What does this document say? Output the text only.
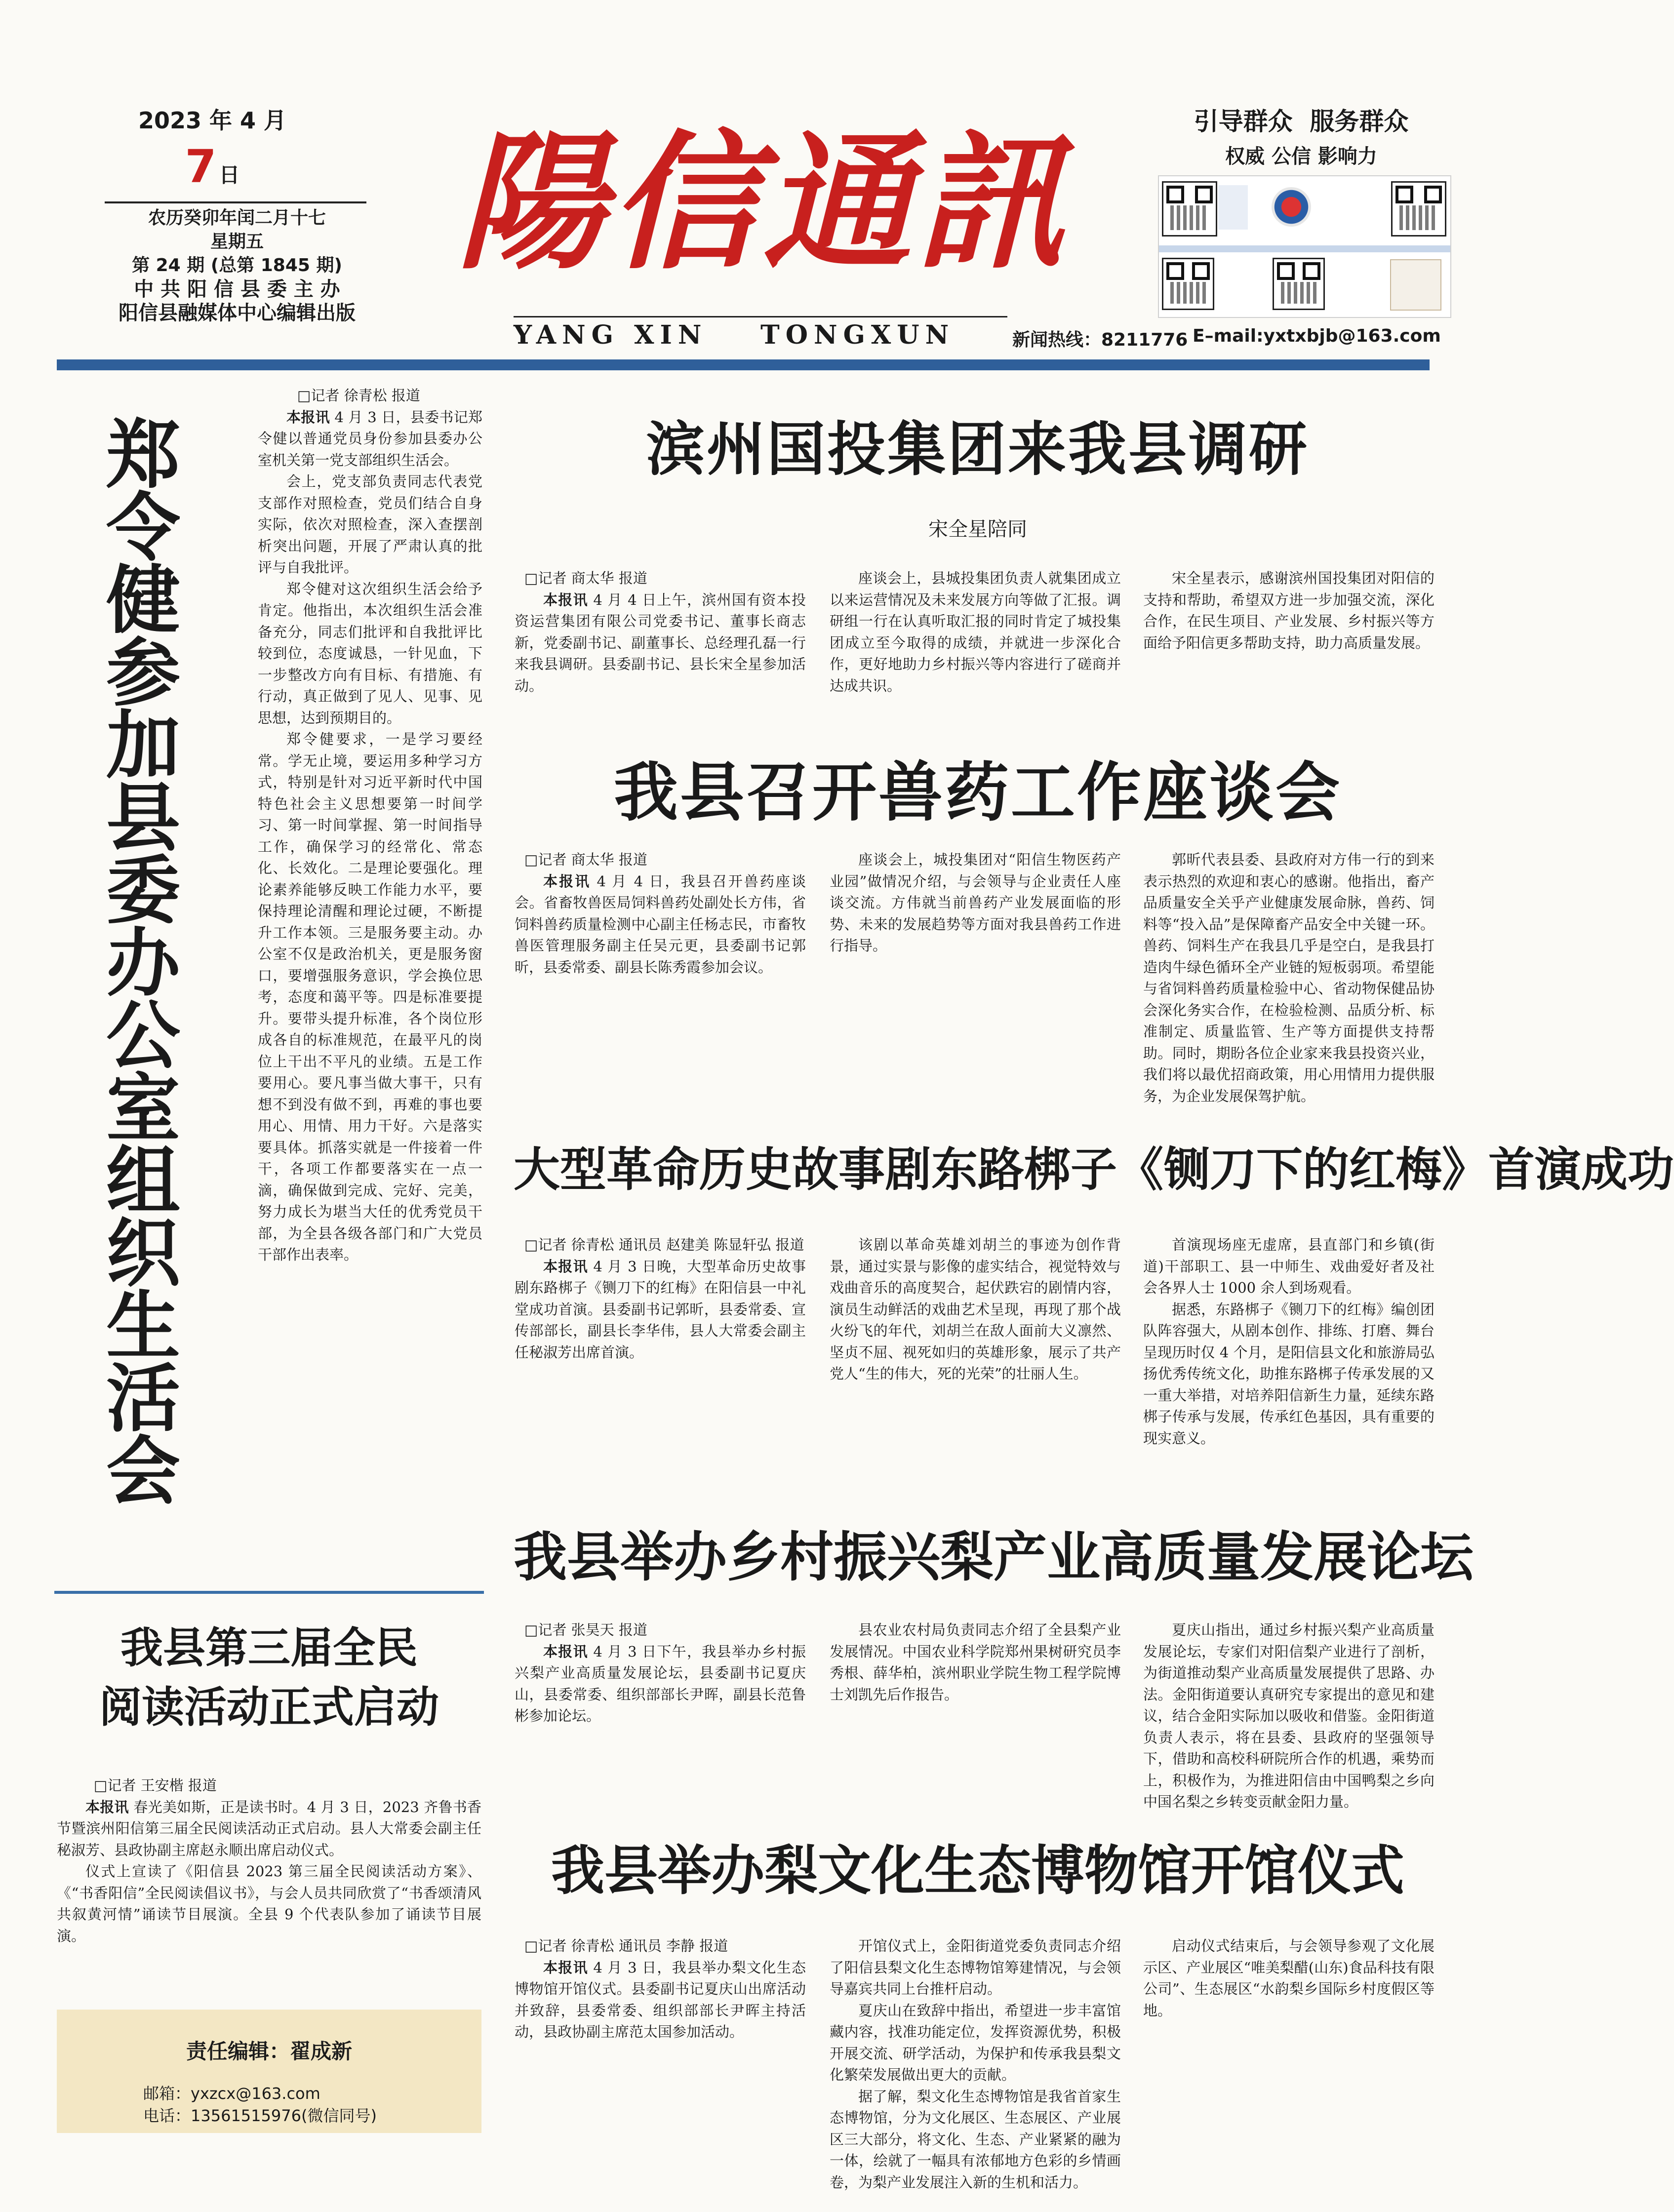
2023 年 4 月
7 日
农历癸卯年闰二月十七
星期五
第 24 期 (总第 1845 期)
中 共 阳 信 县 委 主 办
阳信县融媒体中心编辑出版
陽信通訊
YANG XIN TONGXUN
引导群众  服务群众
权威 公信 影响力
新闻热线：8211776 E–mail:yxtxbjb@163.com
郑令健参加县委办公室组织生活会
□记者 徐青松 报道

本报讯 4 月 3 日，县委书记郑令健以普通党员身份参加县委办公室机关第一党支部组织生活会。

会上，党支部负责同志代表党支部作对照检查，党员们结合自身实际，依次对照检查，深入查摆剖析突出问题，开展了严肃认真的批评与自我批评。

郑令健对这次组织生活会给予肯定。他指出，本次组织生活会准备充分，同志们批评和自我批评比较到位，态度诚恳，一针见血，下一步整改方向有目标、有措施、有行动，真正做到了见人、见事、见思想，达到预期目的。

郑令健要求，一是学习要经常。学无止境，要运用多种学习方式，特别是针对习近平新时代中国特色社会主义思想要第一时间学习、第一时间掌握、第一时间指导工作，确保学习的经常化、常态化、长效化。二是理论要强化。理论素养能够反映工作能力水平，要保持理论清醒和理论过硬，不断提升工作本领。三是服务要主动。办公室不仅是政治机关，更是服务窗口，要增强服务意识，学会换位思考，态度和蔼平等。四是标准要提升。要带头提升标准，各个岗位形成各自的标准规范，在最平凡的岗位上干出不平凡的业绩。五是工作要用心。要凡事当做大事干，只有想不到没有做不到，再难的事也要用心、用情、用力干好。六是落实要具体。抓落实就是一件接着一件干，各项工作都要落实在一点一滴，确保做到完成、完好、完美，努力成长为堪当大任的优秀党员干部，为全县各级各部门和广大党员干部作出表率。

我县第三届全民
阅读活动正式启动
□记者 王安楷 报道

本报讯 春光美如斯，正是读书时。4 月 3 日，2023 齐鲁书香节暨滨州阳信第三届全民阅读活动正式启动。县人大常委会副主任秘淑芳、县政协副主席赵永顺出席启动仪式。

仪式上宣读了《阳信县 2023 第三届全民阅读活动方案》、《“书香阳信”全民阅读倡议书》，与会人员共同欣赏了“书香颂清风 共叙黄河情”诵读节目展演。全县 9 个代表队参加了诵读节目展演。

责任编辑：翟成新
邮箱：yxzcx@163.com
电话：13561515976(微信同号)
滨州国投集团来我县调研
宋全星陪同
□记者 商太华 报道

本报讯 4 月 4 日上午，滨州国有资本投资运营集团有限公司党委书记、董事长商志新，党委副书记、副董事长、总经理孔磊一行来我县调研。县委副书记、县长宋全星参加活动。

座谈会上，县城投集团负责人就集团成立以来运营情况及未来发展方向等做了汇报。调研组一行在认真听取汇报的同时肯定了城投集团成立至今取得的成绩，并就进一步深化合作，更好地助力乡村振兴等内容进行了磋商并达成共识。

宋全星表示，感谢滨州国投集团对阳信的支持和帮助，希望双方进一步加强交流，深化合作，在民生项目、产业发展、乡村振兴等方面给予阳信更多帮助支持，助力高质量发展。

我县召开兽药工作座谈会
□记者 商太华 报道

本报讯 4 月 4 日，我县召开兽药座谈会。省畜牧兽医局饲料兽药处副处长方伟，省饲料兽药质量检测中心副主任杨志民，市畜牧兽医管理服务副主任吴元更，县委副书记郭昕，县委常委、副县长陈秀霞参加会议。

座谈会上，城投集团对“阳信生物医药产业园”做情况介绍，与会领导与企业责任人座谈交流。方伟就当前兽药产业发展面临的形势、未来的发展趋势等方面对我县兽药工作进行指导。

郭昕代表县委、县政府对方伟一行的到来表示热烈的欢迎和衷心的感谢。他指出，畜产品质量安全关乎产业健康发展命脉，兽药、饲料等“投入品”是保障畜产品安全中关键一环。兽药、饲料生产在我县几乎是空白，是我县打造肉牛绿色循环全产业链的短板弱项。希望能与省饲料兽药质量检验中心、省动物保健品协会深化务实合作，在检验检测、品质分析、标准制定、质量监管、生产等方面提供支持帮助。同时，期盼各位企业家来我县投资兴业，我们将以最优招商政策，用心用情用力提供服务，为企业发展保驾护航。

大型革命历史故事剧东路梆子《铡刀下的红梅》首演成功
□记者 徐青松 通讯员 赵建美 陈显轩弘 报道

本报讯 4 月 3 日晚，大型革命历史故事剧东路梆子《铡刀下的红梅》在阳信县一中礼堂成功首演。县委副书记郭昕，县委常委、宣传部部长，副县长李华伟，县人大常委会副主任秘淑芳出席首演。

该剧以革命英雄刘胡兰的事迹为创作背景，通过实景与影像的虚实结合，视觉特效与戏曲音乐的高度契合，起伏跌宕的剧情内容，演员生动鲜活的戏曲艺术呈现，再现了那个战火纷飞的年代，刘胡兰在敌人面前大义凛然、坚贞不屈、视死如归的英雄形象，展示了共产党人“生的伟大，死的光荣”的壮丽人生。

首演现场座无虚席，县直部门和乡镇(街道)干部职工、县一中师生、戏曲爱好者及社会各界人士 1000 余人到场观看。

据悉，东路梆子《铡刀下的红梅》编创团队阵容强大，从剧本创作、排练、打磨、舞台呈现历时仅 4 个月，是阳信县文化和旅游局弘扬优秀传统文化，助推东路梆子传承发展的又一重大举措，对培养阳信新生力量，延续东路梆子传承与发展，传承红色基因，具有重要的现实意义。

我县举办乡村振兴梨产业高质量发展论坛
□记者 张昊天 报道

本报讯 4 月 3 日下午，我县举办乡村振兴梨产业高质量发展论坛，县委副书记夏庆山，县委常委、组织部部长尹晖，副县长范鲁彬参加论坛。

县农业农村局负责同志介绍了全县梨产业发展情况。中国农业科学院郑州果树研究员李秀根、薛华柏，滨州职业学院生物工程学院博士刘凯先后作报告。

夏庆山指出，通过乡村振兴梨产业高质量发展论坛，专家们对阳信梨产业进行了剖析，为街道推动梨产业高质量发展提供了思路、办法。金阳街道要认真研究专家提出的意见和建议，结合金阳实际加以吸收和借鉴。金阳街道负责人表示，将在县委、县政府的坚强领导下，借助和高校科研院所合作的机遇，乘势而上，积极作为，为推进阳信由中国鸭梨之乡向中国名梨之乡转变贡献金阳力量。

我县举办梨文化生态博物馆开馆仪式
□记者 徐青松 通讯员 李静 报道

本报讯 4 月 3 日，我县举办梨文化生态博物馆开馆仪式。县委副书记夏庆山出席活动并致辞，县委常委、组织部部长尹晖主持活动，县政协副主席范太国参加活动。

开馆仪式上，金阳街道党委负责同志介绍了阳信县梨文化生态博物馆筹建情况，与会领导嘉宾共同上台推杆启动。

夏庆山在致辞中指出，希望进一步丰富馆藏内容，找准功能定位，发挥资源优势，积极开展交流、研学活动，为保护和传承我县梨文化繁荣发展做出更大的贡献。

据了解，梨文化生态博物馆是我省首家生态博物馆，分为文化展区、生态展区、产业展区三大部分，将文化、生态、产业紧紧的融为一体，绘就了一幅具有浓郁地方色彩的乡情画卷，为梨产业发展注入新的生机和活力。

启动仪式结束后，与会领导参观了文化展示区、产业展区“唯美梨醋(山东)食品科技有限公司”、生态展区“水韵梨乡国际乡村度假区等地。
